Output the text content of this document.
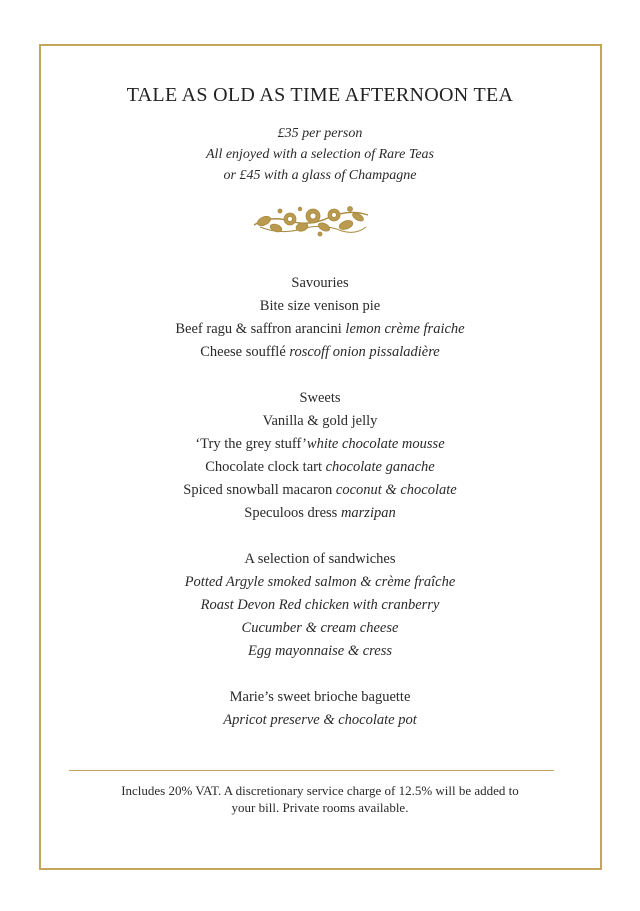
TALE AS OLD AS TIME AFTERNOON TEA
£35 per person
All enjoyed with a selection of Rare Teas
or £45 with a glass of Champagne
Savouries
Bite size venison pie
Beef ragu & saffron arancini lemon crème fraiche
Cheese soufflé roscoff onion pissaladière
Sweets
Vanilla & gold jelly
‘Try the grey stuff’white chocolate mousse
Chocolate clock tart chocolate ganache
Spiced snowball macaron coconut & chocolate
Speculoos dress marzipan
A selection of sandwiches
Potted Argyle smoked salmon & crème fraîche
Roast Devon Red chicken with cranberry
Cucumber & cream cheese
Egg mayonnaise & cress
Marie’s sweet brioche baguette
Apricot preserve & chocolate pot
Includes 20% VAT. A discretionary service charge of 12.5% will be added to
your bill. Private rooms available.
